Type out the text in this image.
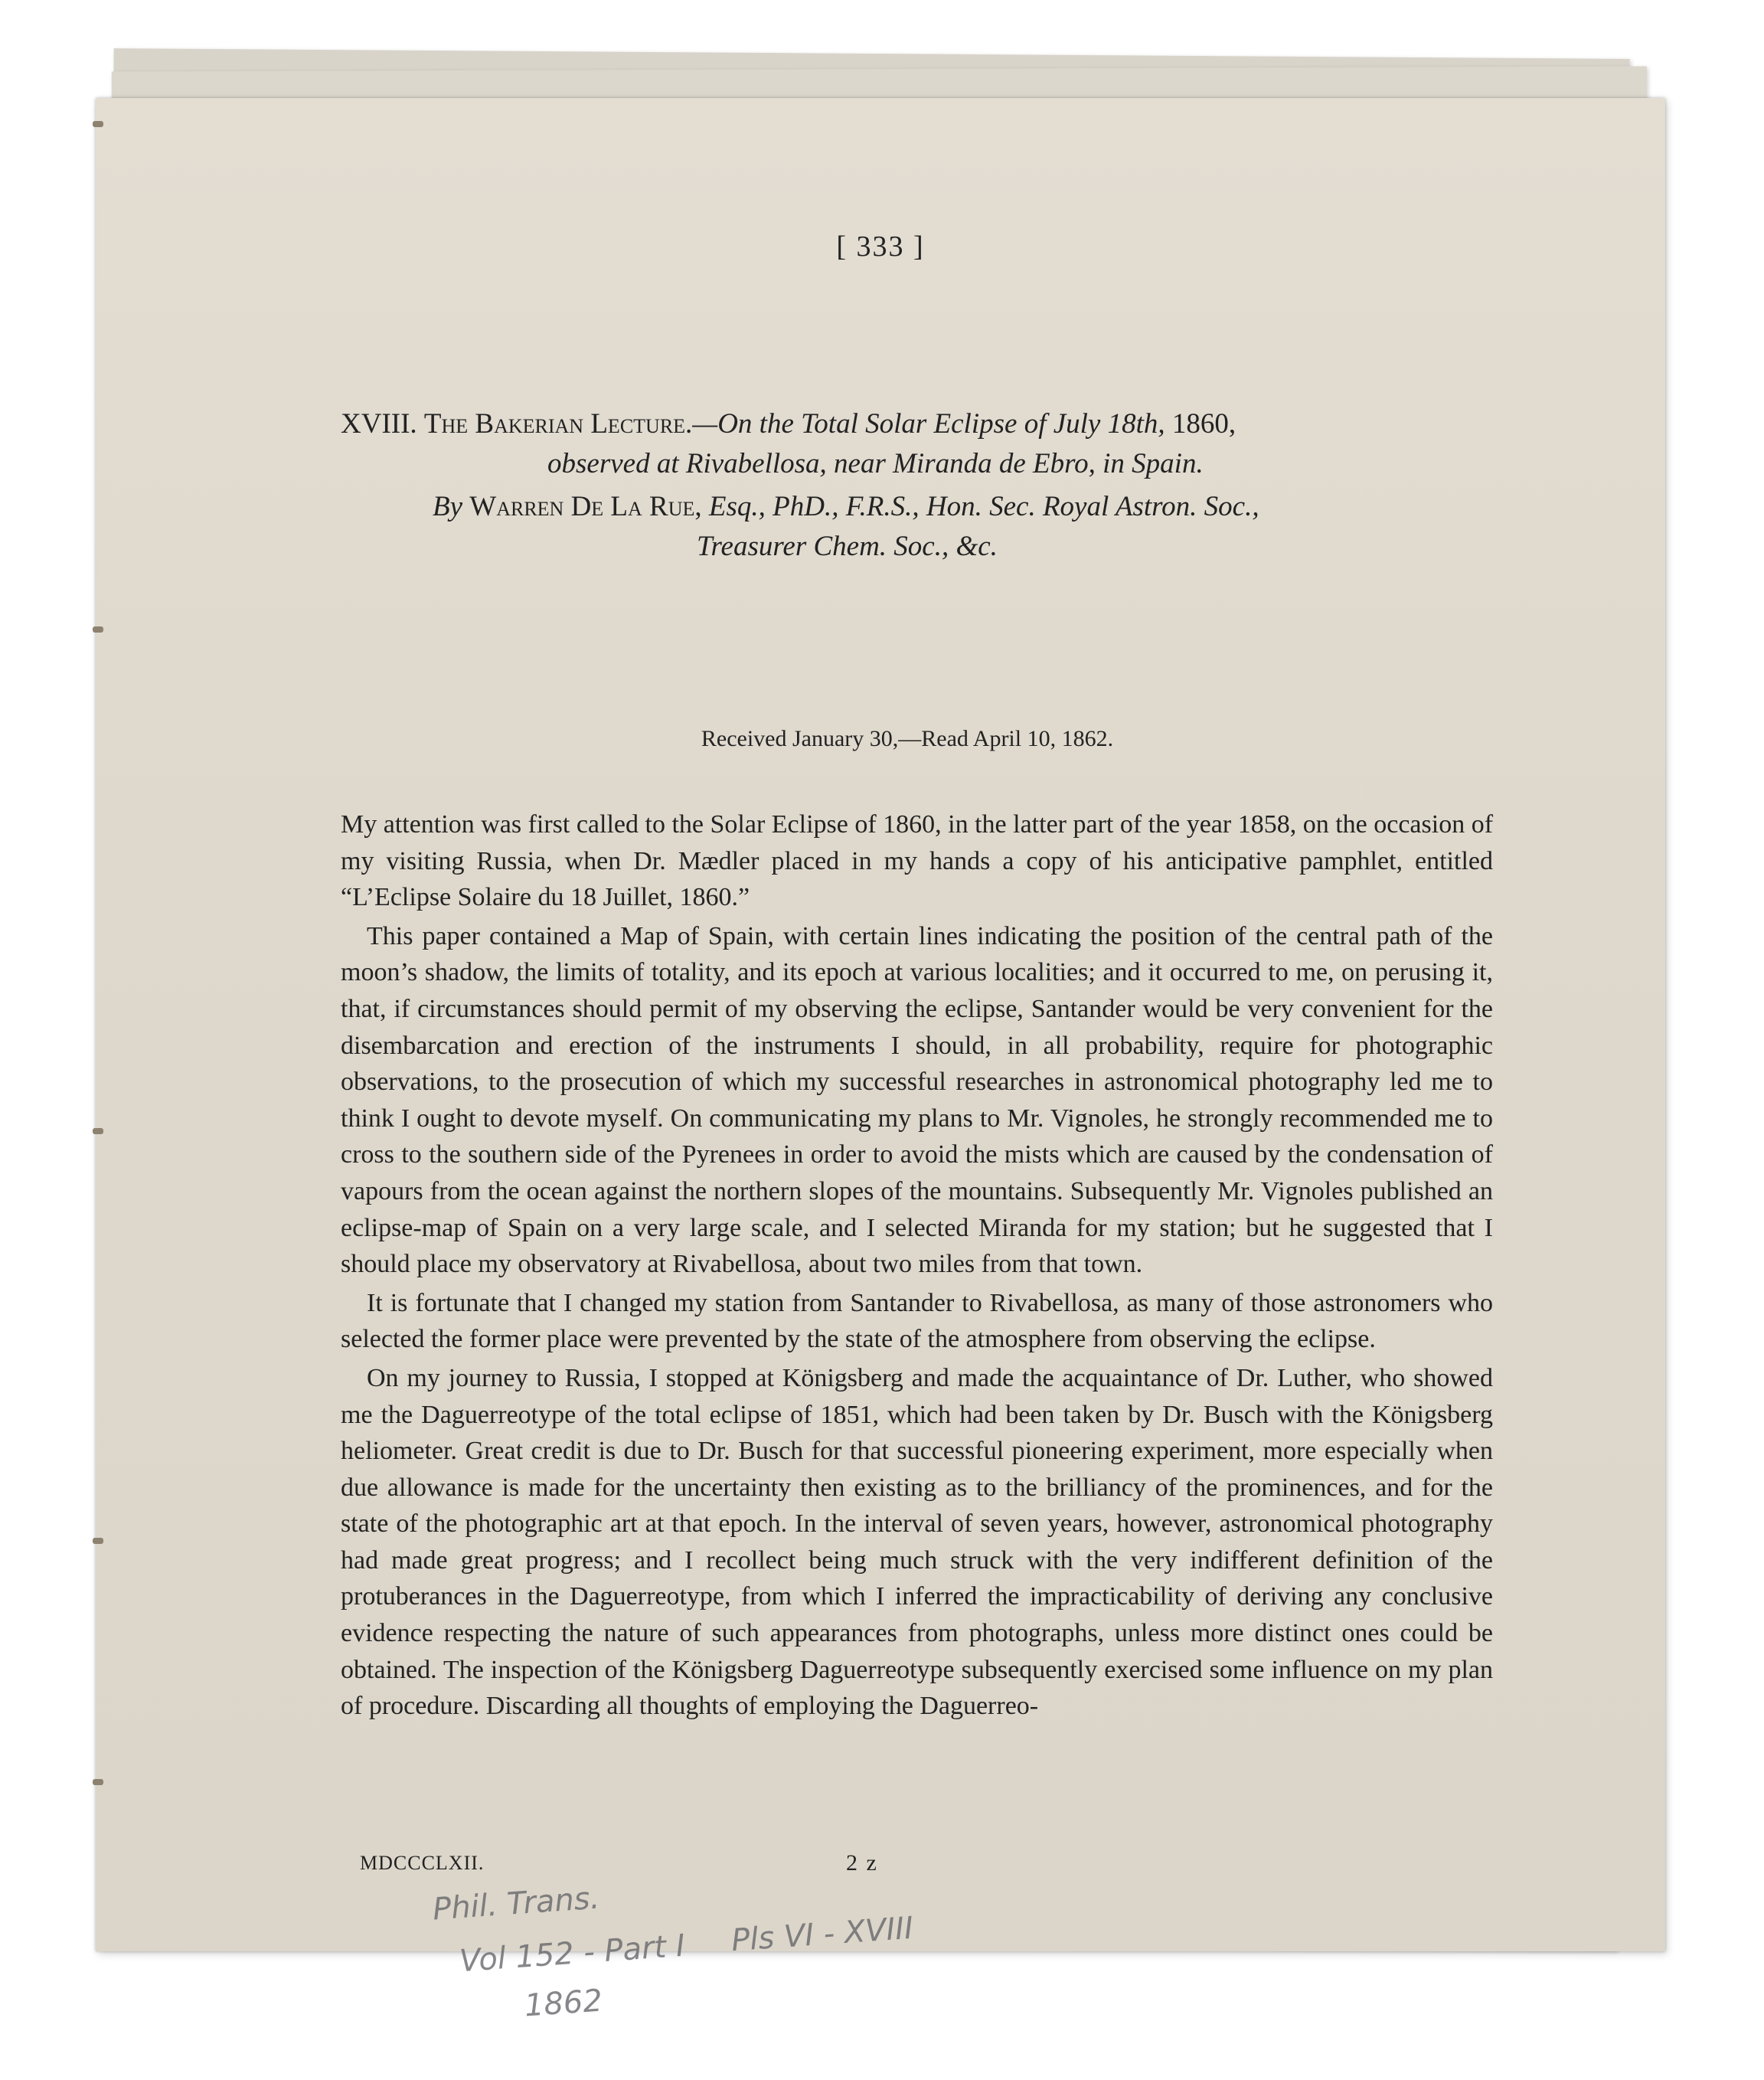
[ 333 ]
XVIII. The Bakerian Lecture.—On the Total Solar Eclipse of July 18th, 1860,
observed at Rivabellosa, near Miranda de Ebro, in Spain.
By Warren De La Rue, Esq., PhD., F.R.S., Hon. Sec. Royal Astron. Soc.,
Treasurer Chem. Soc., &c.
Received January 30,—Read April 10, 1862.

My attention was first called to the Solar Eclipse of 1860, in the latter part of the year 1858, on the occasion of my visiting Russia, when Dr. Mædler placed in my hands a copy of his anticipative pamphlet, entitled “L’Eclipse Solaire du 18 Juillet, 1860.”

This paper contained a Map of Spain, with certain lines indicating the position of the central path of the moon’s shadow, the limits of totality, and its epoch at various localities; and it occurred to me, on perusing it, that, if circumstances should permit of my observing the eclipse, Santander would be very convenient for the disembarcation and erection of the instruments I should, in all probability, require for photographic observations, to the prosecution of which my successful researches in astronomical photography led me to think I ought to devote myself. On communicating my plans to Mr. Vignoles, he strongly recommended me to cross to the southern side of the Pyrenees in order to avoid the mists which are caused by the condensation of vapours from the ocean against the northern slopes of the mountains. Subsequently Mr. Vignoles published an eclipse-map of Spain on a very large scale, and I selected Miranda for my station; but he suggested that I should place my observatory at Rivabellosa, about two miles from that town.

It is fortunate that I changed my station from Santander to Rivabellosa, as many of those astronomers who selected the former place were prevented by the state of the atmosphere from observing the eclipse.

On my journey to Russia, I stopped at Königsberg and made the acquaintance of Dr. Luther, who showed me the Daguerreotype of the total eclipse of 1851, which had been taken by Dr. Busch with the Königsberg heliometer. Great credit is due to Dr. Busch for that successful pioneering experiment, more especially when due allowance is made for the uncertainty then existing as to the brilliancy of the prominences, and for the state of the photographic art at that epoch. In the interval of seven years, however, astronomical photography had made great progress; and I recollect being much struck with the very indifferent definition of the protuberances in the Daguerreotype, from which I inferred the impracticability of deriving any conclusive evidence respecting the nature of such appearances from photographs, unless more distinct ones could be obtained. The inspection of the Königsberg Daguerreotype subsequently exercised some influence on my plan of procedure. Discarding all thoughts of employing the Daguerreo-

MDCCCLXII.	2 z
Phil. Trans.
Vol 152 - Part I
1862
Pls VI - XVIII
